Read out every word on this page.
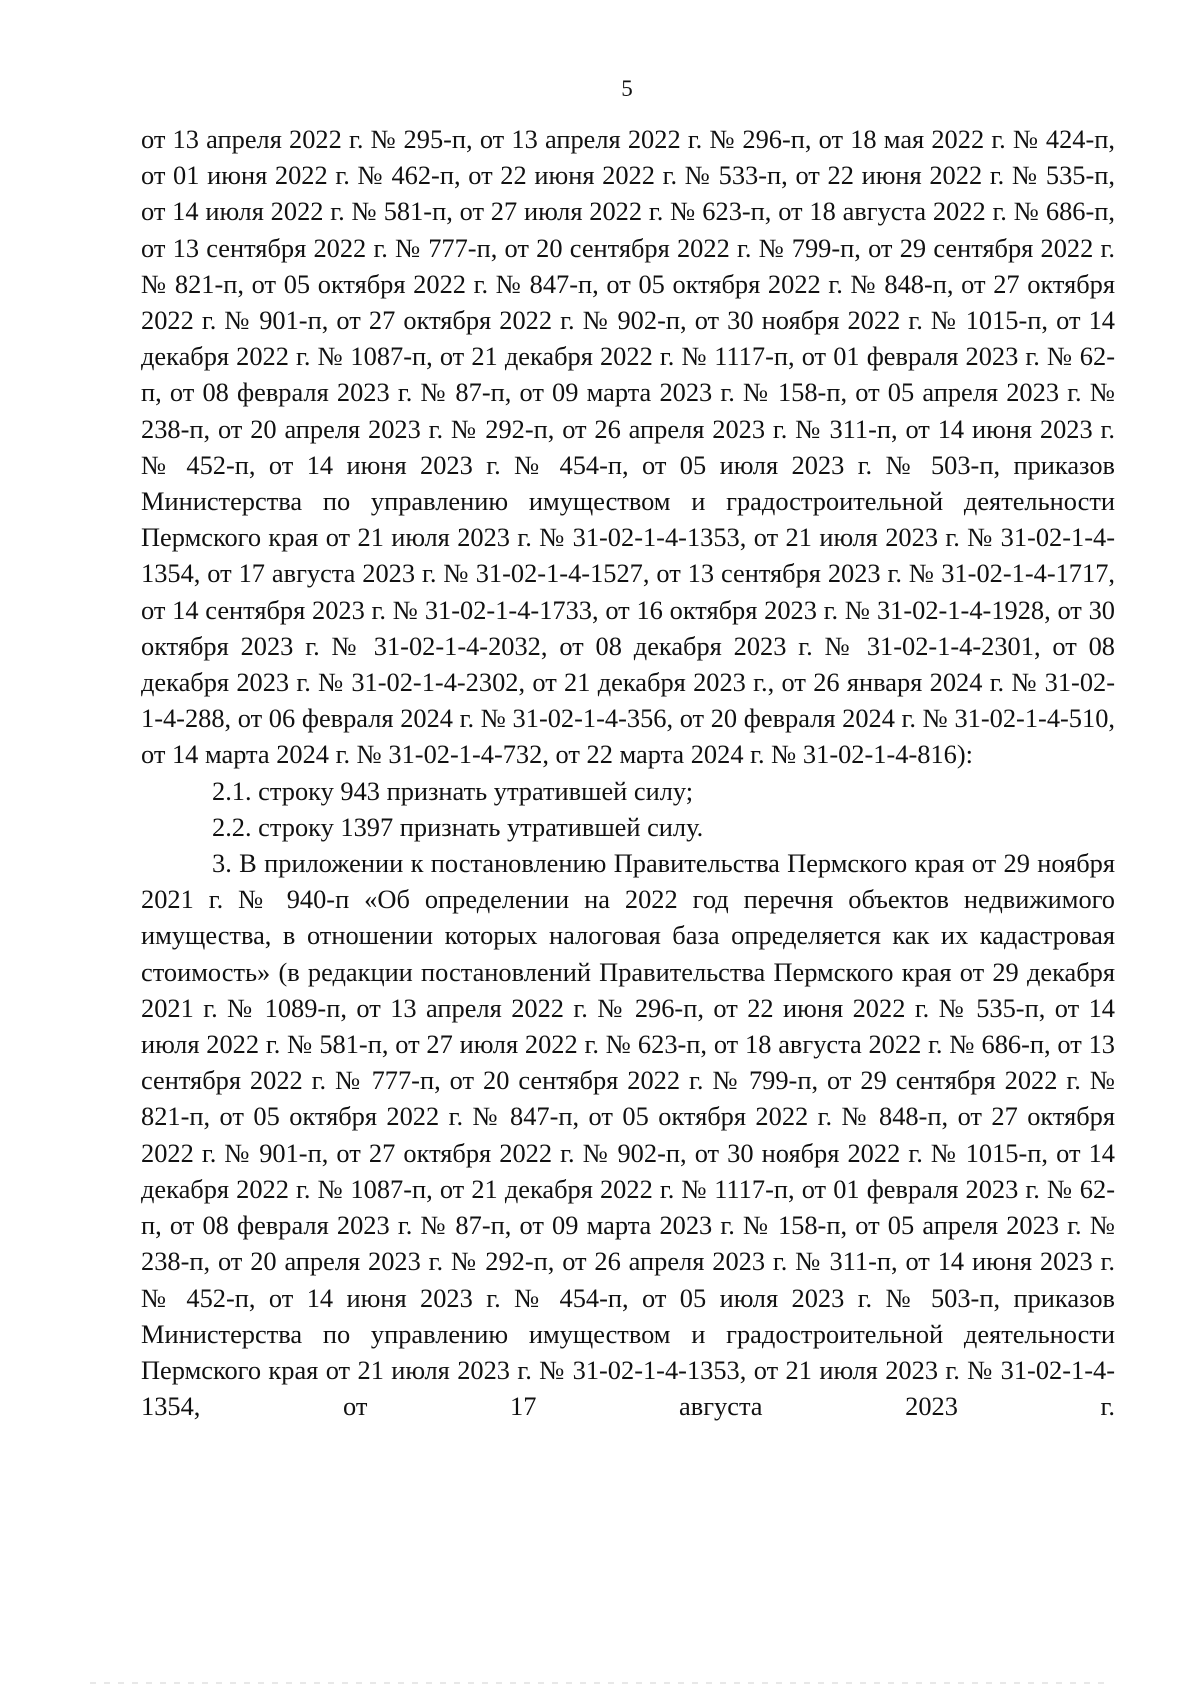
5

от 13 апреля 2022 г. № 295-п, от 13 апреля 2022 г. № 296-п, от 18 мая 2022 г. № 424-п, от 01 июня 2022 г. № 462-п, от 22 июня 2022 г. № 533-п, от 22 июня 2022 г. № 535-п, от 14 июля 2022 г. № 581-п, от 27 июля 2022 г. № 623-п, от 18 августа 2022 г. № 686-п, от 13 сентября 2022 г. № 777-п, от 20 сентября 2022 г. № 799-п, от 29 сентября 2022 г. № 821-п, от 05 октября 2022 г. № 847-п, от 05 октября 2022 г. № 848-п, от 27 октября 2022 г. № 901-п, от 27 октября 2022 г. № 902-п, от 30 ноября 2022 г. № 1015-п, от 14 декабря 2022 г. № 1087-п, от 21 декабря 2022 г. № 1117-п, от 01 февраля 2023 г. № 62-п, от 08 февраля 2023 г. № 87-п, от 09 марта 2023 г. № 158-п, от 05 апреля 2023 г. № 238-п, от 20 апреля 2023 г. № 292-п, от 26 апреля 2023 г. № 311-п, от 14 июня 2023 г. № 452-п, от 14 июня 2023 г. № 454-п, от 05 июля 2023 г. № 503-п, приказов Министерства по управлению имуществом и градостроительной деятельности Пермского края от 21 июля 2023 г. № 31-02-1-4-1353, от 21 июля 2023 г. № 31-02-1-4-1354, от 17 августа 2023 г. № 31-02-1-4-1527, от 13 сентября 2023 г. № 31-02-1-4-1717, от 14 сентября 2023 г. № 31-02-1-4-1733, от 16 октября 2023 г. № 31-02-1-4-1928, от 30 октября 2023 г. № 31-02-1-4-2032, от 08 декабря 2023 г. № 31-02-1-4-2301, от 08 декабря 2023 г. № 31-02-1-4-2302, от 21 декабря 2023 г., от 26 января 2024 г. № 31-02-1-4-288, от 06 февраля 2024 г. № 31-02-1-4-356, от 20 февраля 2024 г. № 31-02-1-4-510, от 14 марта 2024 г. № 31-02-1-4-732, от 22 марта 2024 г. № 31-02-1-4-816):

2.1. строку 943 признать утратившей силу;

2.2. строку 1397 признать утратившей силу.

3. В приложении к постановлению Правительства Пермского края от 29 ноября 2021 г. № 940-п «Об определении на 2022 год перечня объектов недвижимого имущества, в отношении которых налоговая база определяется как их кадастровая стоимость» (в редакции постановлений Правительства Пермского края от 29 декабря 2021 г. № 1089-п, от 13 апреля 2022 г. № 296-п, от 22 июня 2022 г. № 535-п, от 14 июля 2022 г. № 581-п, от 27 июля 2022 г. № 623-п, от 18 августа 2022 г. № 686-п, от 13 сентября 2022 г. № 777-п, от 20 сентября 2022 г. № 799-п, от 29 сентября 2022 г. № 821-п, от 05 октября 2022 г. № 847-п, от 05 октября 2022 г. № 848-п, от 27 октября 2022 г. № 901-п, от 27 октября 2022 г. № 902-п, от 30 ноября 2022 г. № 1015-п, от 14 декабря 2022 г. № 1087-п, от 21 декабря 2022 г. № 1117-п, от 01 февраля 2023 г. № 62-п, от 08 февраля 2023 г. № 87-п, от 09 марта 2023 г. № 158-п, от 05 апреля 2023 г. № 238-п, от 20 апреля 2023 г. № 292-п, от 26 апреля 2023 г. № 311-п, от 14 июня 2023 г. № 452-п, от 14 июня 2023 г. № 454-п, от 05 июля 2023 г. № 503-п, приказов Министерства по управлению имуществом и градостроительной деятельности Пермского края от 21 июля 2023 г. № 31-02-1-4-1353, от 21 июля 2023 г. № 31-02-1-4-1354, от 17 августа 2023 г.
